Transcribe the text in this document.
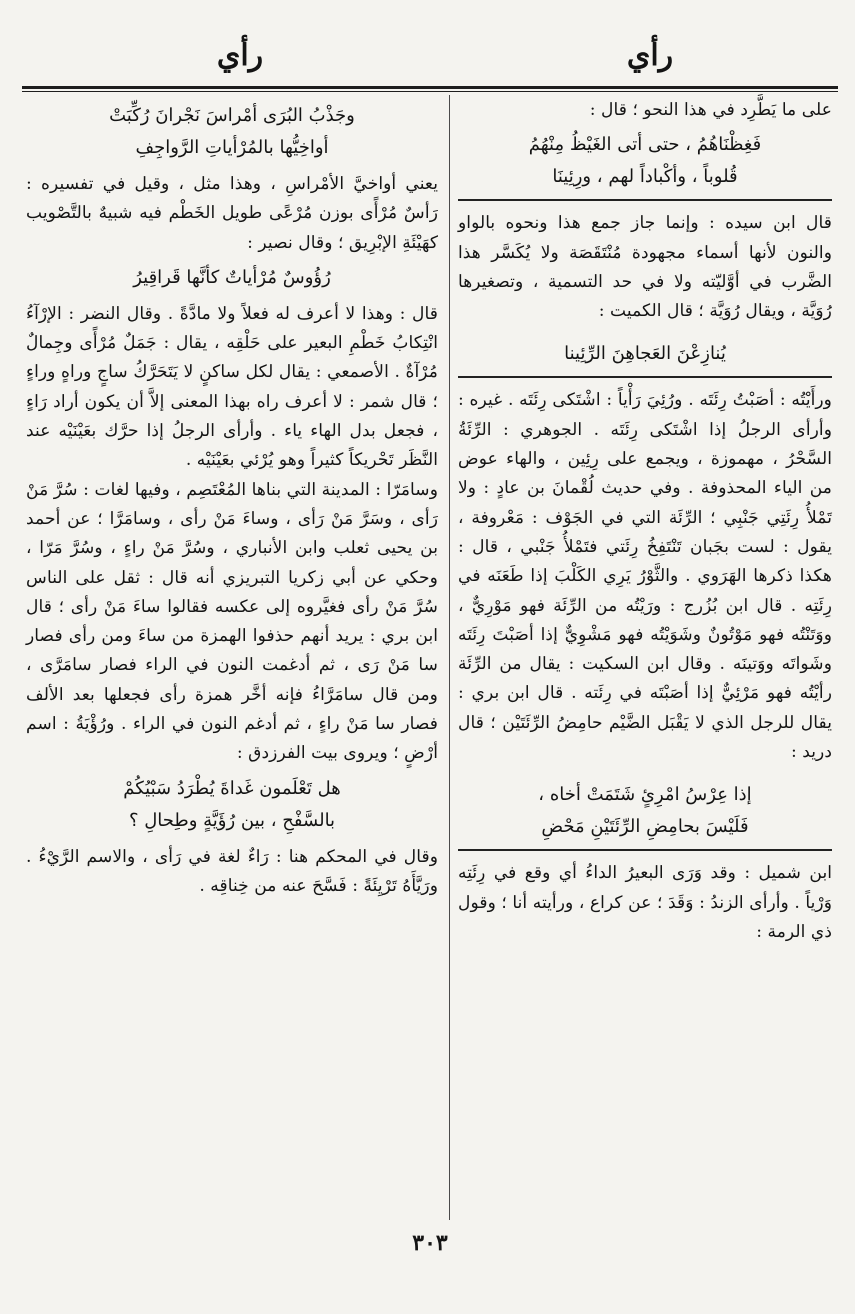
رأي
رأي

على ما يَطَّرِد في هذا النحو ؛ قال :

فَغِظْنَاهُمُ ، حتى أتى الغَيْظُ مِنْهُمُ
قُلوباً ، وأكْباداً لهم ، ورِئِينَا

قال ابن سيده : وإنما جاز جمع هذا ونحوه بالواو والنون لأنها أسماء مجهودة مُنْتَقَصَة ولا يُكَسَّر هذا الضَّرب في أوَّليّته ولا في حد التسمية ، وتصغيرها رُوَيَّة ، ويقال رُوَيَّة ؛ قال الكميت :

يُنازِعْنَ العَجاهِنَ الرِّئِينا

ورأَيْتُه : أصَبْتُ رِئَتَه . ورُئِيَ رَأْياً : اشْتَكى رِئَتَه . غيره : وأرأى الرجلُ إذا اشْتَكى رِئَتَه . الجوهري : الرِّئَةُ السَّحْرُ ، مهموزة ، ويجمع على رِئِين ، والهاء عوض من الياء المحذوفة . وفي حديث لُقْمانَ بن عادٍ : ولا تَمْلأُ رِئَتِي جَنْبِي ؛ الرِّئَة التي في الجَوْف : مَعْروفة ، يقول : لست بجَبان تَنْتَفِخُ رِئَتي فتَمْلأُ جَنْبي ، قال : هكذا ذكرها الهَرَوي . والثَّوْرُ يَرِي الكَلْبَ إذا طَعَنَه في رِئَتِه . قال ابن بُزُرج : ورَيْتُه من الرِّئَة فهو مَوْرِيٌّ ، ووَتَنْتُه فهو مَوْتُونٌ وشَوَيْتُه فهو مَشْوِيٌّ إذا أصَبْتَ رِئَتَه وشَواتَه ووَتينَه . وقال ابن السكيت : يقال من الرِّئَة رأيْتُه فهو مَرْئِيٌّ إذا أصَبْتَه في رِئَته . قال ابن بري : يقال للرجل الذي لا يَقْبَل الضَّيْم حامِضُ الرِّئَتَيْن ؛ قال دريد :

إذا عِرْسُ امْرِئٍ شَتَمَتْ أخاه ،
فَلَيْسَ بحامِضِ الرِّئَتَيْنِ مَحْضِ

ابن شميل : وقد وَرَى البعيرُ الداءُ أي وقع في رِئَتِه وَرْياً . وأرأى الزندُ : وَقَدَ ؛ عن كراع ، ورأيته أنا ؛ وقول ذي الرمة :

وجَذْبُ البُرَى أمْراسَ نَجْرانَ رُكِّبَتْ
أواخِيُّها بالمُرْأياتِ الرَّواجِفِ

يعني أواخيَّ الأمْراسِ ، وهذا مثل ، وقيل في تفسيره : رَأسٌ مُرْأًى بوزن مُرْعًى طويل الخَطْم فيه شبيهٌ بالتَّصْويب كهَيْئَةِ الإبْرِيق ؛ وقال نصير :

رُؤُوسٌ مُرْأياتٌ كأنَّها قَراقِيرُ

قال : وهذا لا أعرف له فعلاً ولا مادَّةً . وقال النضر : الإرْآءُ انْتِكابُ خَطْمِ البعير على حَلْقِه ، يقال : جَمَلٌ مُرْأًى وجِمالٌ مُرْآةٌ . الأصمعي : يقال لكل ساكنٍ لا يَتَحَرَّكُ ساجٍ وراهٍ وراءٍ ؛ قال شمر : لا أعرف راه بهذا المعنى إلاَّ أن يكون أراد رَاءٍ ، فجعل بدل الهاء ياء . وأرأى الرجلُ إذا حرَّك بعَيْنَيْه عند النَّظَر تَحْريكاً كثيراً وهو يُرْئي بعَيْنَيْه .

وسامَرّا : المدينة التي بناها المُعْتَصِم ، وفيها لغات : سُرَّ مَنْ رَأى ، وسَرَّ مَنْ رَأى ، وساءَ مَنْ رأى ، وسامَرَّا ؛ عن أحمد بن يحيى ثعلب وابن الأنباري ، وسُرَّ مَنْ راءٍ ، وسُرَّ مَرّا ، وحكي عن أبي زكريا التبريزي أنه قال : ثقل على الناس سُرَّ مَنْ رأى فغيَّروه إلى عكسه فقالوا ساءَ مَنْ رأى ؛ قال ابن بري : يريد أنهم حذفوا الهمزة من ساءَ ومن رأى فصار سا مَنْ رَى ، ثم أدغمت النون في الراء فصار سامَرَّى ، ومن قال سامَرَّاءُ فإنه أخَّر همزة رأى فجعلها بعد الألف فصار سا مَنْ راءٍ ، ثم أدغم النون في الراء . ورُؤْيَةُ : اسم أرْضٍ ؛ ويروى بيت الفرزدق :

هل تَعْلَمون غَداةَ يُطْرَدُ سَبْيُكُمْ
بالسَّفْحِ ، بين رُؤَيَّةٍ وطِحالِ ؟

وقال في المحكم هنا : رَاءٌ لغة في رَأى ، والاسم الرَّيْءُ . ورَيَّأَهُ تَرْيِئَةً : فَسَّحَ عنه من خِناقِه .

٣٠٣
